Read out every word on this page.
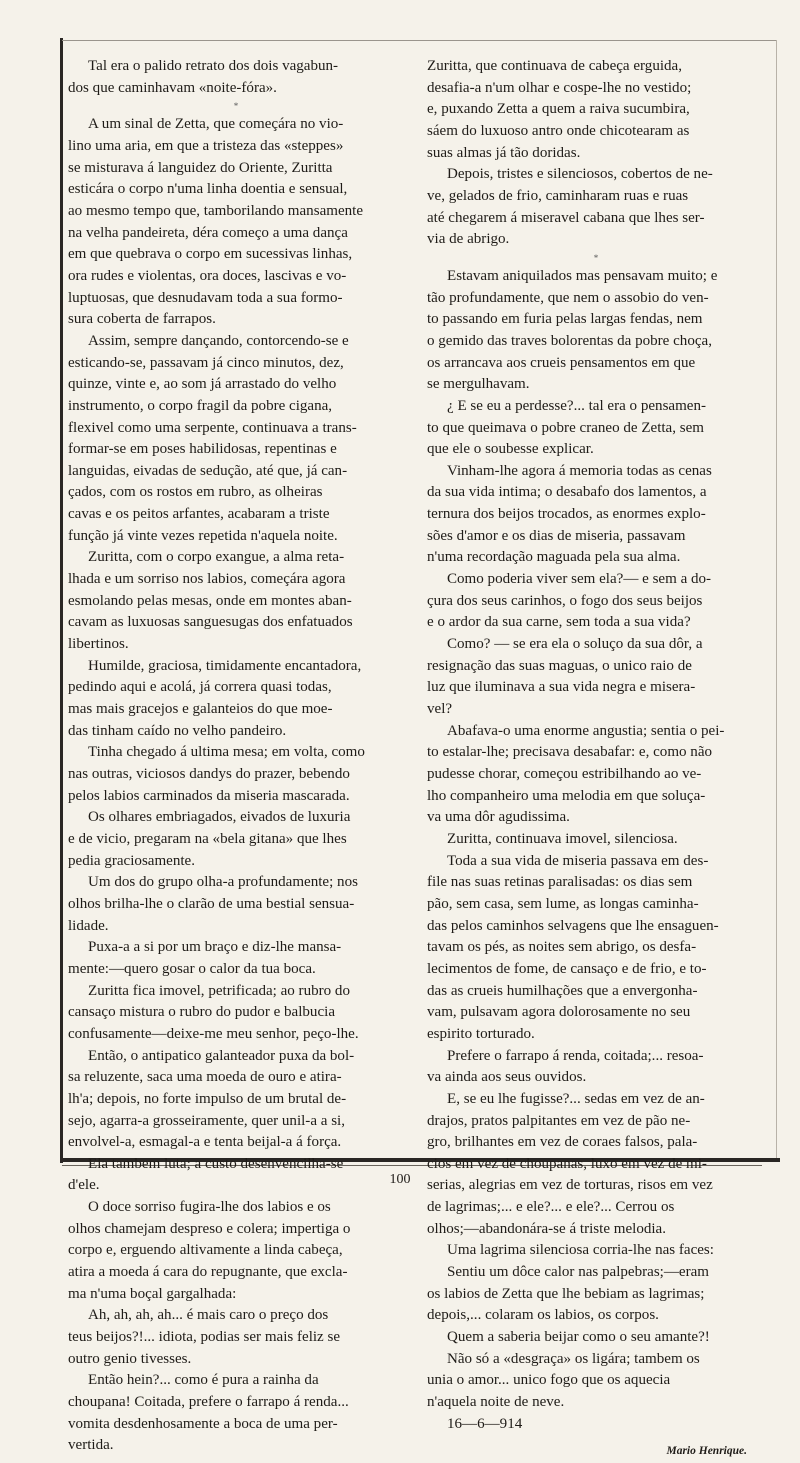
Tal era o palido retrato dos dois vagabun-
dos que caminhavam «noite-fóra».

*

A um sinal de Zetta, que começára no vio-
lino uma aria, em que a tristeza das «steppes»
se misturava á languidez do Oriente, Zuritta
esticára o corpo n'uma linha doentia e sensual,
ao mesmo tempo que, tamborilando mansamente
na velha pandeireta, déra começo a uma dança
em que quebrava o corpo em sucessivas linhas,
ora rudes e violentas, ora doces, lascivas e vo-
luptuosas, que desnudavam toda a sua formo-
sura coberta de farrapos.

Assim, sempre dançando, contorcendo-se e
esticando-se, passavam já cinco minutos, dez,
quinze, vinte e, ao som já arrastado do velho
instrumento, o corpo fragil da pobre cigana,
flexivel como uma serpente, continuava a trans-
formar-se em poses habilidosas, repentinas e
languidas, eivadas de sedução, até que, já can-
çados, com os rostos em rubro, as olheiras
cavas e os peitos arfantes, acabaram a triste
função já vinte vezes repetida n'aquela noite.

Zuritta, com o corpo exangue, a alma reta-
lhada e um sorriso nos labios, começára agora
esmolando pelas mesas, onde em montes aban-
cavam as luxuosas sanguesugas dos enfatuados
libertinos.

Humilde, graciosa, timidamente encantadora,
pedindo aqui e acolá, já correra quasi todas,
mas mais gracejos e galanteios do que moe-
das tinham caído no velho pandeiro.

Tinha chegado á ultima mesa; em volta, como
nas outras, viciosos dandys do prazer, bebendo
pelos labios carminados da miseria mascarada.

Os olhares embriagados, eivados de luxuria
e de vicio, pregaram na «bela gitana» que lhes
pedia graciosamente.

Um dos do grupo olha-a profundamente; nos
olhos brilha-lhe o clarão de uma bestial sensua-
lidade.

Puxa-a a si por um braço e diz-lhe mansa-
mente:—quero gosar o calor da tua boca.

Zuritta fica imovel, petrificada; ao rubro do
cansaço mistura o rubro do pudor e balbucia
confusamente—deixe-me meu senhor, peço-lhe.

Então, o antipatico galanteador puxa da bol-
sa reluzente, saca uma moeda de ouro e atira-
lh'a; depois, no forte impulso de um brutal de-
sejo, agarra-a grosseiramente, quer unil-a a si,
envolvel-a, esmagal-a e tenta beijal-a á força.

Ela tambem luta; a custo desenvencilha-se
d'ele.

O doce sorriso fugira-lhe dos labios e os
olhos chamejam despreso e colera; impertiga o
corpo e, erguendo altivamente a linda cabeça,
atira a moeda á cara do repugnante, que excla-
ma n'uma boçal gargalhada:

Ah, ah, ah, ah... é mais caro o preço dos
teus beijos?!... idiota, podias ser mais feliz se
outro genio tivesses.

Então hein?... como é pura a rainha da
choupana! Coitada, prefere o farrapo á renda...
vomita desdenhosamente a boca de uma per-
vertida.

Zuritta, que continuava de cabeça erguida,
desafia-a n'um olhar e cospe-lhe no vestido;
e, puxando Zetta a quem a raiva sucumbira,
sáem do luxuoso antro onde chicotearam as
suas almas já tão doridas.

Depois, tristes e silenciosos, cobertos de ne-
ve, gelados de frio, caminharam ruas e ruas
até chegarem á miseravel cabana que lhes ser-
via de abrigo.

*

Estavam aniquilados mas pensavam muito; e
tão profundamente, que nem o assobio do ven-
to passando em furia pelas largas fendas, nem
o gemido das traves bolorentas da pobre choça,
os arrancava aos crueis pensamentos em que
se mergulhavam.

¿ E se eu a perdesse?... tal era o pensamen-
to que queimava o pobre craneo de Zetta, sem
que ele o soubesse explicar.

Vinham-lhe agora á memoria todas as cenas
da sua vida intima; o desabafo dos lamentos, a
ternura dos beijos trocados, as enormes explo-
sões d'amor e os dias de miseria, passavam
n'uma recordação maguada pela sua alma.

Como poderia viver sem ela?— e sem a do-
çura dos seus carinhos, o fogo dos seus beijos
e o ardor da sua carne, sem toda a sua vida?

Como? — se era ela o soluço da sua dôr, a
resignação das suas maguas, o unico raio de
luz que iluminava a sua vida negra e misera-
vel?

Abafava-o uma enorme angustia; sentia o pei-
to estalar-lhe; precisava desabafar: e, como não
pudesse chorar, começou estribilhando ao ve-
lho companheiro uma melodia em que soluça-
va uma dôr agudissima.

Zuritta, continuava imovel, silenciosa.

Toda a sua vida de miseria passava em des-
file nas suas retinas paralisadas: os dias sem
pão, sem casa, sem lume, as longas caminha-
das pelos caminhos selvagens que lhe ensaguen-
tavam os pés, as noites sem abrigo, os desfa-
lecimentos de fome, de cansaço e de frio, e to-
das as crueis humilhações que a envergonha-
vam, pulsavam agora dolorosamente no seu
espirito torturado.

Prefere o farrapo á renda, coitada;... resoa-
va ainda aos seus ouvidos.

E, se eu lhe fugisse?... sedas em vez de an-
drajos, pratos palpitantes em vez de pão ne-
gro, brilhantes em vez de coraes falsos, pala-
cios em vez de choupanas, luxo em vez de mi-
serias, alegrias em vez de torturas, risos em vez
de lagrimas;... e ele?... e ele?... Cerrou os
olhos;—abandonára-se á triste melodia.

Uma lagrima silenciosa corria-lhe nas faces:

Sentiu um dôce calor nas palpebras;—eram
os labios de Zetta que lhe bebiam as lagrimas;
depois,... colaram os labios, os corpos.

Quem a saberia beijar como o seu amante?!

Não só a «desgraça» os ligára; tambem os
unia o amor... unico fogo que os aquecia
n'aquela noite de neve.

16—6—914

Mario Henrique.
100
